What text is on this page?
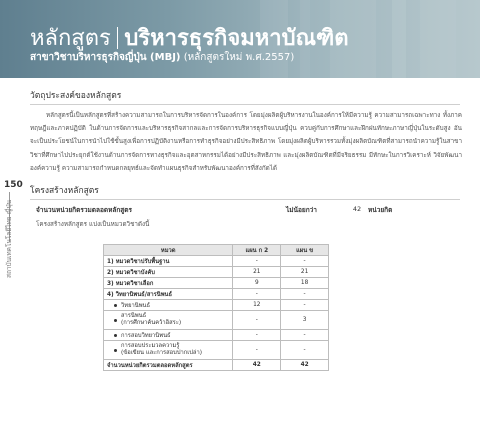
หลักสูตร บริหารธุรกิจมหาบัณฑิต
สาขาวิชาบริหารธุรกิจญี่ปุ่น (MBJ) (หลักสูตรใหม่ พ.ศ.2557)
150
สถาบันเทคโนโลยีไทย-ญี่ปุ่น
วัตถุประสงค์ของหลักสูตร

หลักสูตรนี้เป็นหลักสูตรที่สร้างความสามารถในการบริหารจัดการในองค์การ โดยมุ่งผลิตผู้บริหารงานในองค์การให้มีความรู้ ความสามารถเฉพาะทาง ทั้งภาคทฤษฎีและภาคปฏิบัติ ในด้านการจัดการและบริหารธุรกิจสากลและการจัดการบริหารธุรกิจแบบญี่ปุ่น ควบคู่กับการศึกษาและฝึกฝนทักษะภาษาญี่ปุ่นในระดับสูง อันจะเป็นประโยชน์ในการนำไปใช้ขั้นสูงเพื่อการปฏิบัติงานหรือการทำธุรกิจอย่างมีประสิทธิภาพ โดยมุ่งผลิตผู้บริหารรวมทั้งมุ่งผลิตบัณฑิตที่สามารถนำความรู้ในสาขาวิชาที่ศึกษาไปประยุกต์ใช้งานด้านการจัดการทางธุรกิจและอุตสาหกรรมได้อย่างมีประสิทธิภาพ และมุ่งผลิตบัณฑิตที่มีจริยธรรม มีทักษะในการวิเคราะห์ วิจัยพัฒนาองค์ความรู้ ความสามารถกำหนดกลยุทธ์และจัดทำแผนธุรกิจสำหรับพัฒนาองค์การที่สังกัดได้

โครงสร้างหลักสูตร
จำนวนหน่วยกิตรวมตลอดหลักสูตร	ไม่น้อยกว่า	42	หน่วยกิต
โครงสร้างหลักสูตร แบ่งเป็นหมวดวิชาดังนี้
หมวด	แผน ก 2	แผน ข
1) หมวดวิชาปรับพื้นฐาน	-	-
2) หมวดวิชาบังคับ	21	21
3) หมวดวิชาเลือก	9	18
4) วิทยานิพนธ์/สารนิพนธ์	-	-
วิทยานิพนธ์	12	-
สารนิพนธ์
(การศึกษาค้นคว้าอิสระ)	-	3
การสอบวิทยานิพนธ์	-	-
การสอบประมวลความรู้
(ข้อเขียน และการสอบปากเปล่า)	-	-
จำนวนหน่วยกิตรวมตลอดหลักสูตร	42	42
